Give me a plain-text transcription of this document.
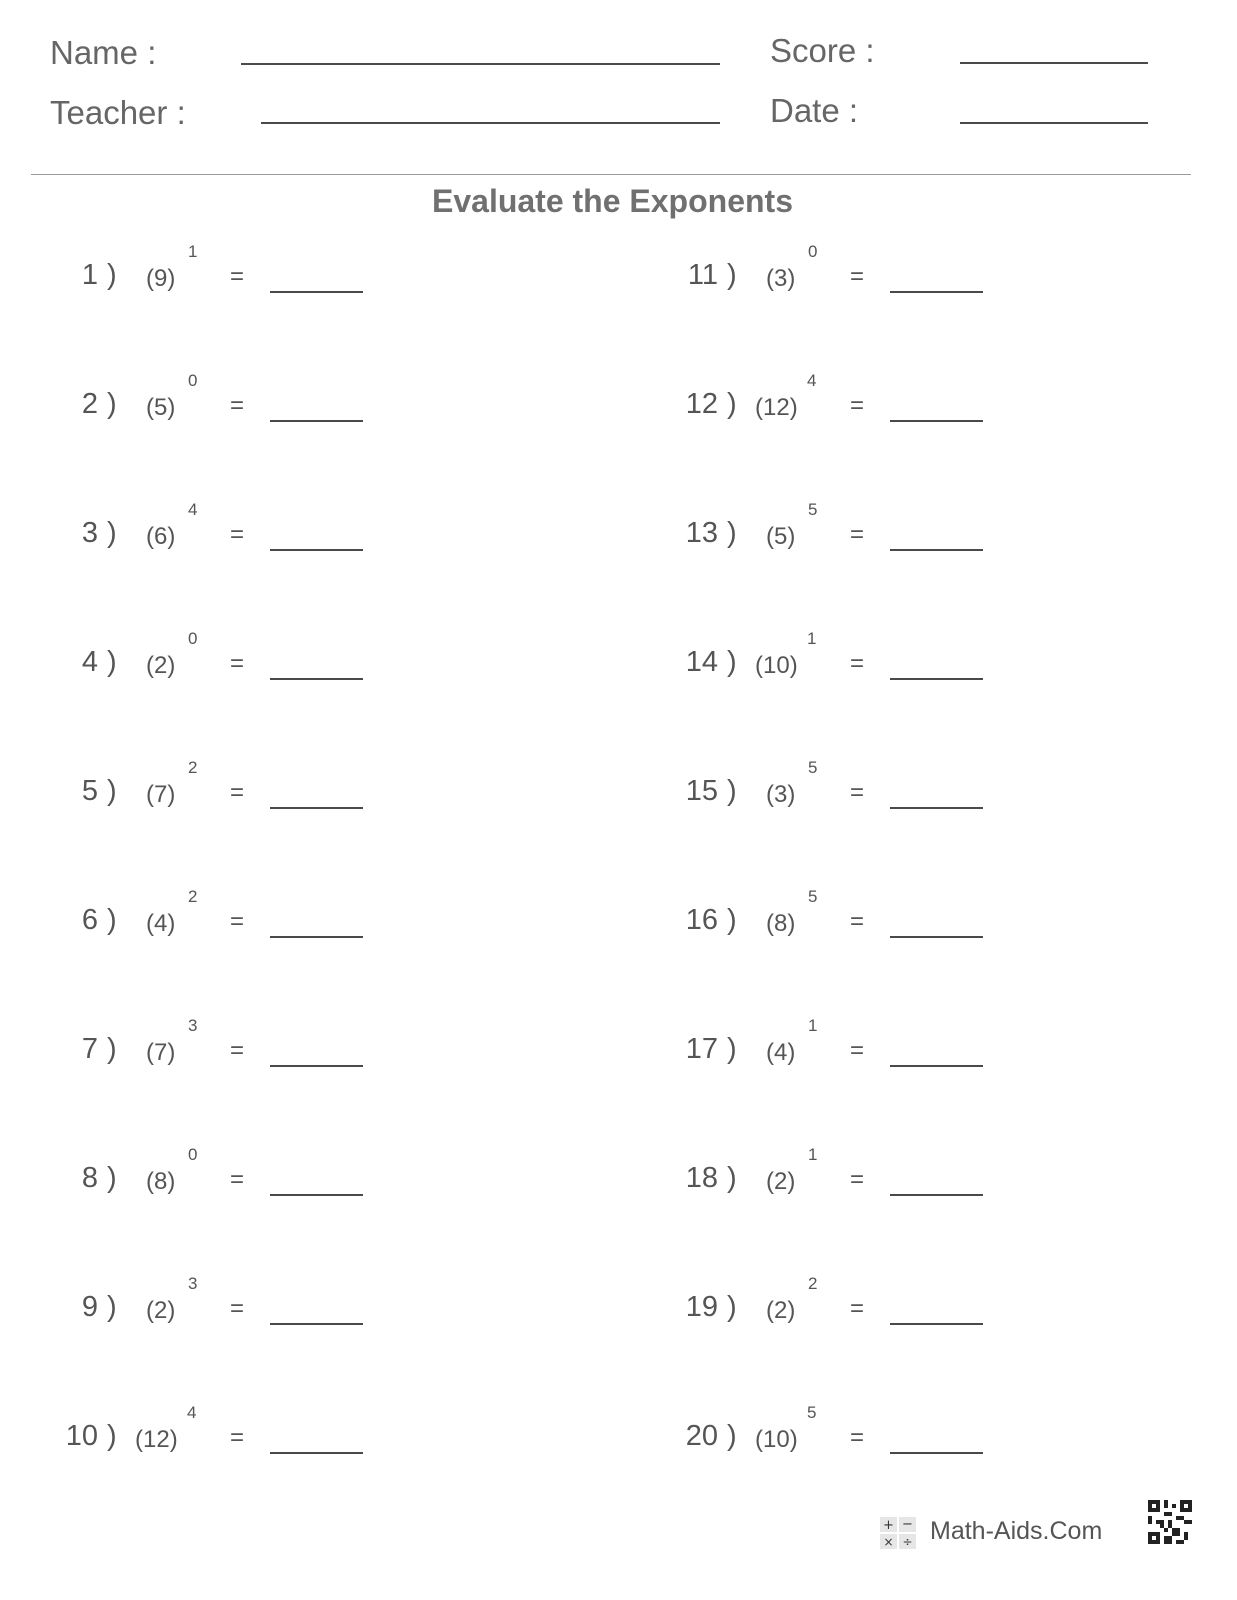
Name :
Teacher :
Score :
Date :
Evaluate the Exponents
1 ) (9)
1
=
2 ) (5)
0
=
3 ) (6)
4
=
4 ) (2)
0
=
5 ) (7)
2
=
6 ) (4)
2
=
7 ) (7)
3
=
8 ) (8)
0
=
9 ) (2)
3
=
10 ) (12)
4
=
11 ) (3)
0
=
12 ) (12)
4
=
13 ) (5)
5
=
14 ) (10)
1
=
15 ) (3)
5
=
16 ) (8)
5
=
17 ) (4)
1
=
18 ) (2)
1
=
19 ) (2)
2
=
20 ) (10)
5
=
+ −
× ÷ Math-Aids.Com
